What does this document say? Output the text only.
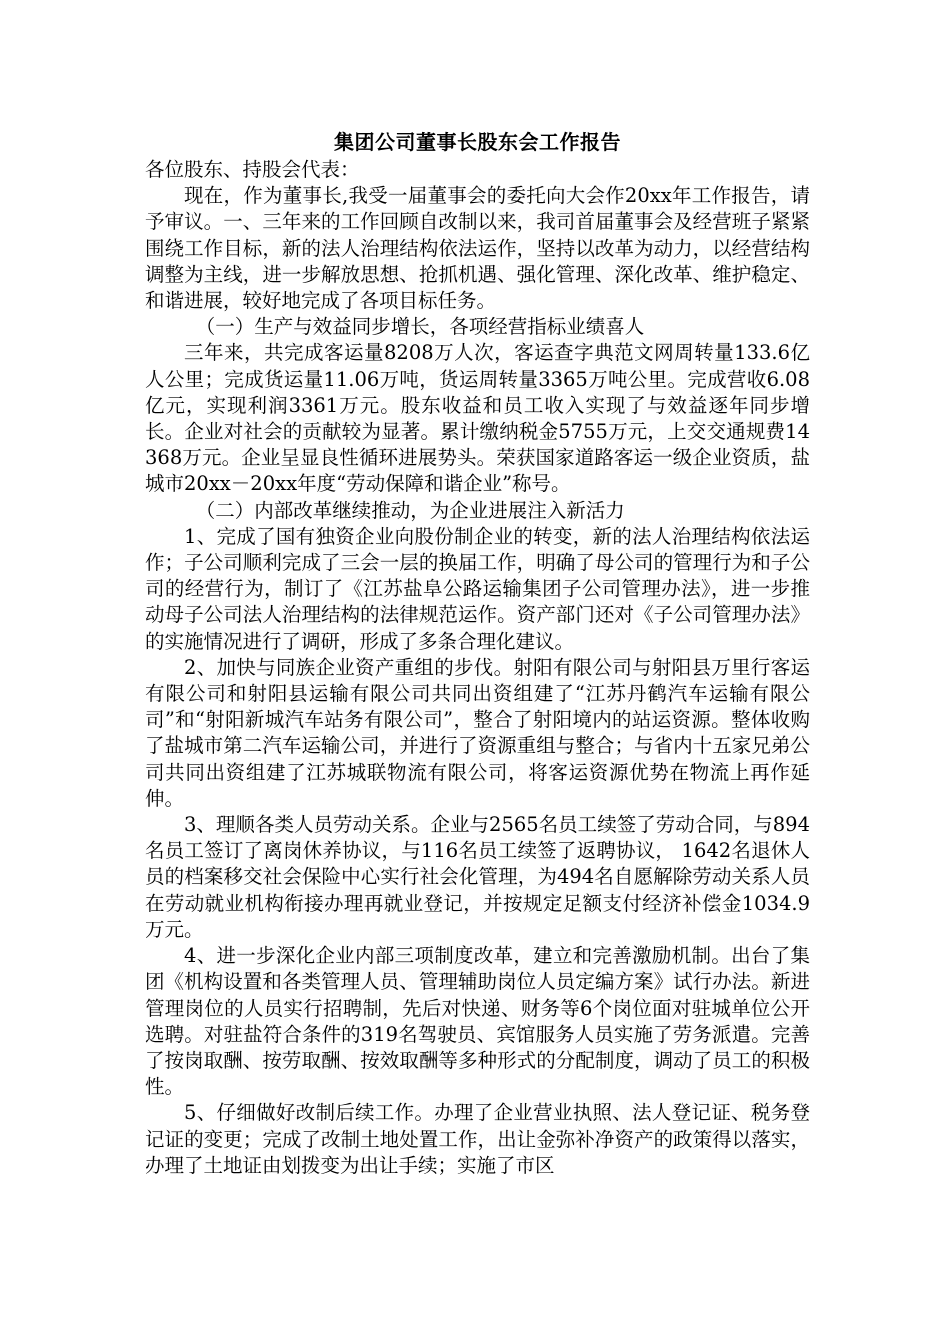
集团公司董事长股东会工作报告

各位股东、持股会代表：

现在，作为董事长,我受一届董事会的委托向大会作20xx年工作报告，请予审议。一、三年来的工作回顾自改制以来，我司首届董事会及经营班子紧紧围绕工作目标，新的法人治理结构依法运作，坚持以改革为动力，以经营结构调整为主线，进一步解放思想、抢抓机遇、强化管理、深化改革、维护稳定、和谐进展，较好地完成了各项目标任务。

（一）生产与效益同步增长，各项经营指标业绩喜人

三年来，共完成客运量8208万人次，客运查字典范文网周转量133.6亿人公里；完成货运量11.06万吨，货运周转量3365万吨公里。完成营收6.08亿元，实现利润3361万元。股东收益和员工收入实现了与效益逐年同步增长。企业对社会的贡献较为显著。累计缴纳税金5755万元，上交交通规费14368万元。企业呈显良性循环进展势头。荣获国家道路客运一级企业资质，盐城市20xx－20xx年度“劳动保障和谐企业”称号。

（二）内部改革继续推动，为企业进展注入新活力

1、完成了国有独资企业向股份制企业的转变，新的法人治理结构依法运作；子公司顺利完成了三会一层的换届工作，明确了母公司的管理行为和子公司的经营行为，制订了《江苏盐阜公路运输集团子公司管理办法》，进一步推动母子公司法人治理结构的法律规范运作。资产部门还对《子公司管理办法》的实施情况进行了调研，形成了多条合理化建议。

2、加快与同族企业资产重组的步伐。射阳有限公司与射阳县万里行客运有限公司和射阳县运输有限公司共同出资组建了“江苏丹鹤汽车运输有限公司”和“射阳新城汽车站务有限公司”，整合了射阳境内的站运资源。整体收购了盐城市第二汽车运输公司，并进行了资源重组与整合；与省内十五家兄弟公司共同出资组建了江苏城联物流有限公司，将客运资源优势在物流上再作延伸。

3、理顺各类人员劳动关系。企业与2565名员工续签了劳动合同，与894名员工签订了离岗休养协议，与116名员工续签了返聘协议， 1642名退休人员的档案移交社会保险中心实行社会化管理，为494名自愿解除劳动关系人员在劳动就业机构衔接办理再就业登记，并按规定足额支付经济补偿金1034.9万元。

4、进一步深化企业内部三项制度改革，建立和完善激励机制。出台了集团《机构设置和各类管理人员、管理辅助岗位人员定编方案》试行办法。新进管理岗位的人员实行招聘制，先后对快递、财务等6个岗位面对驻城单位公开选聘。对驻盐符合条件的319名驾驶员、宾馆服务人员实施了劳务派遣。完善了按岗取酬、按劳取酬、按效取酬等多种形式的分配制度，调动了员工的积极性。

5、仔细做好改制后续工作。办理了企业营业执照、法人登记证、税务登记证的变更；完成了改制土地处置工作，出让金弥补净资产的政策得以落实，办理了土地证由划拨变为出让手续；实施了市区
